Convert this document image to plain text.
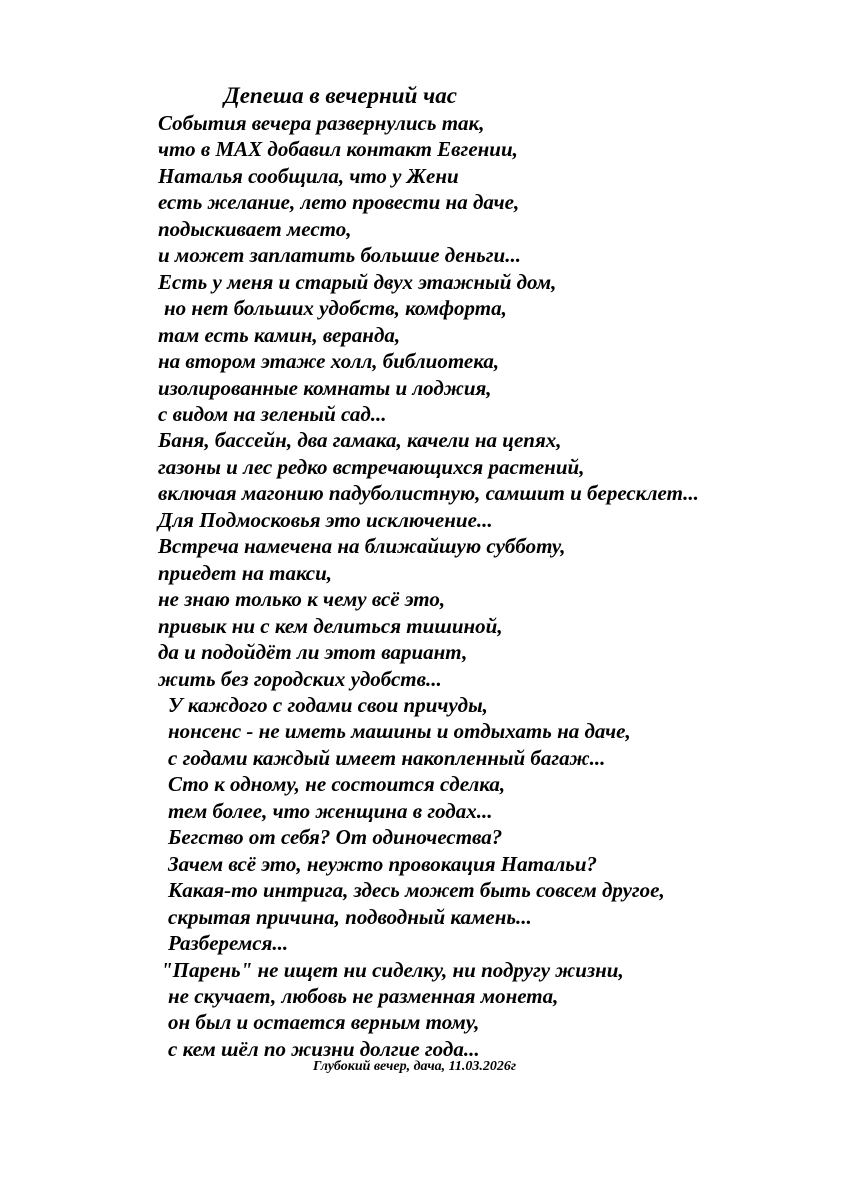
Депеша в вечерний час
События вечера развернулись так,
что в МАХ добавил контакт Евгении,
Наталья сообщила, что у Жени
есть желание, лето провести на даче,
подыскивает место,
и может заплатить большие деньги...
Есть у меня и старый двух этажный дом,
но нет больших удобств, комфорта,
там есть камин, веранда,
на втором этаже холл, библиотека,
изолированные комнаты и лоджия,
с видом на зеленый сад...
Баня, бассейн, два гамака, качели на цепях,
газоны и лес редко встречающихся растений,
включая магонию падуболистную, самшит и бересклет...
Для Подмосковья это исключение...
Встреча намечена на ближайшую субботу,
приедет на такси,
не знаю только к чему всё это,
привык ни с кем делиться тишиной,
да и подойдёт ли этот вариант,
жить без городских удобств...
У каждого с годами свои причуды,
нонсенс - не иметь машины и отдыхать на даче,
с годами каждый имеет накопленный багаж...
Сто к одному, не состоится сделка,
тем более, что женщина в годах...
Бегство от себя? От одиночества?
Зачем всё это, неужто провокация Натальи?
Какая-то интрига, здесь может быть совсем другое,
скрытая причина, подводный камень...
Разберемся...
"Парень" не ищет ни сиделку, ни подругу жизни,
не скучает, любовь не разменная монета,
он был и остается верным тому,
с кем шёл по жизни долгие года...
Глубокий вечер, дача, 11.03.2026г
